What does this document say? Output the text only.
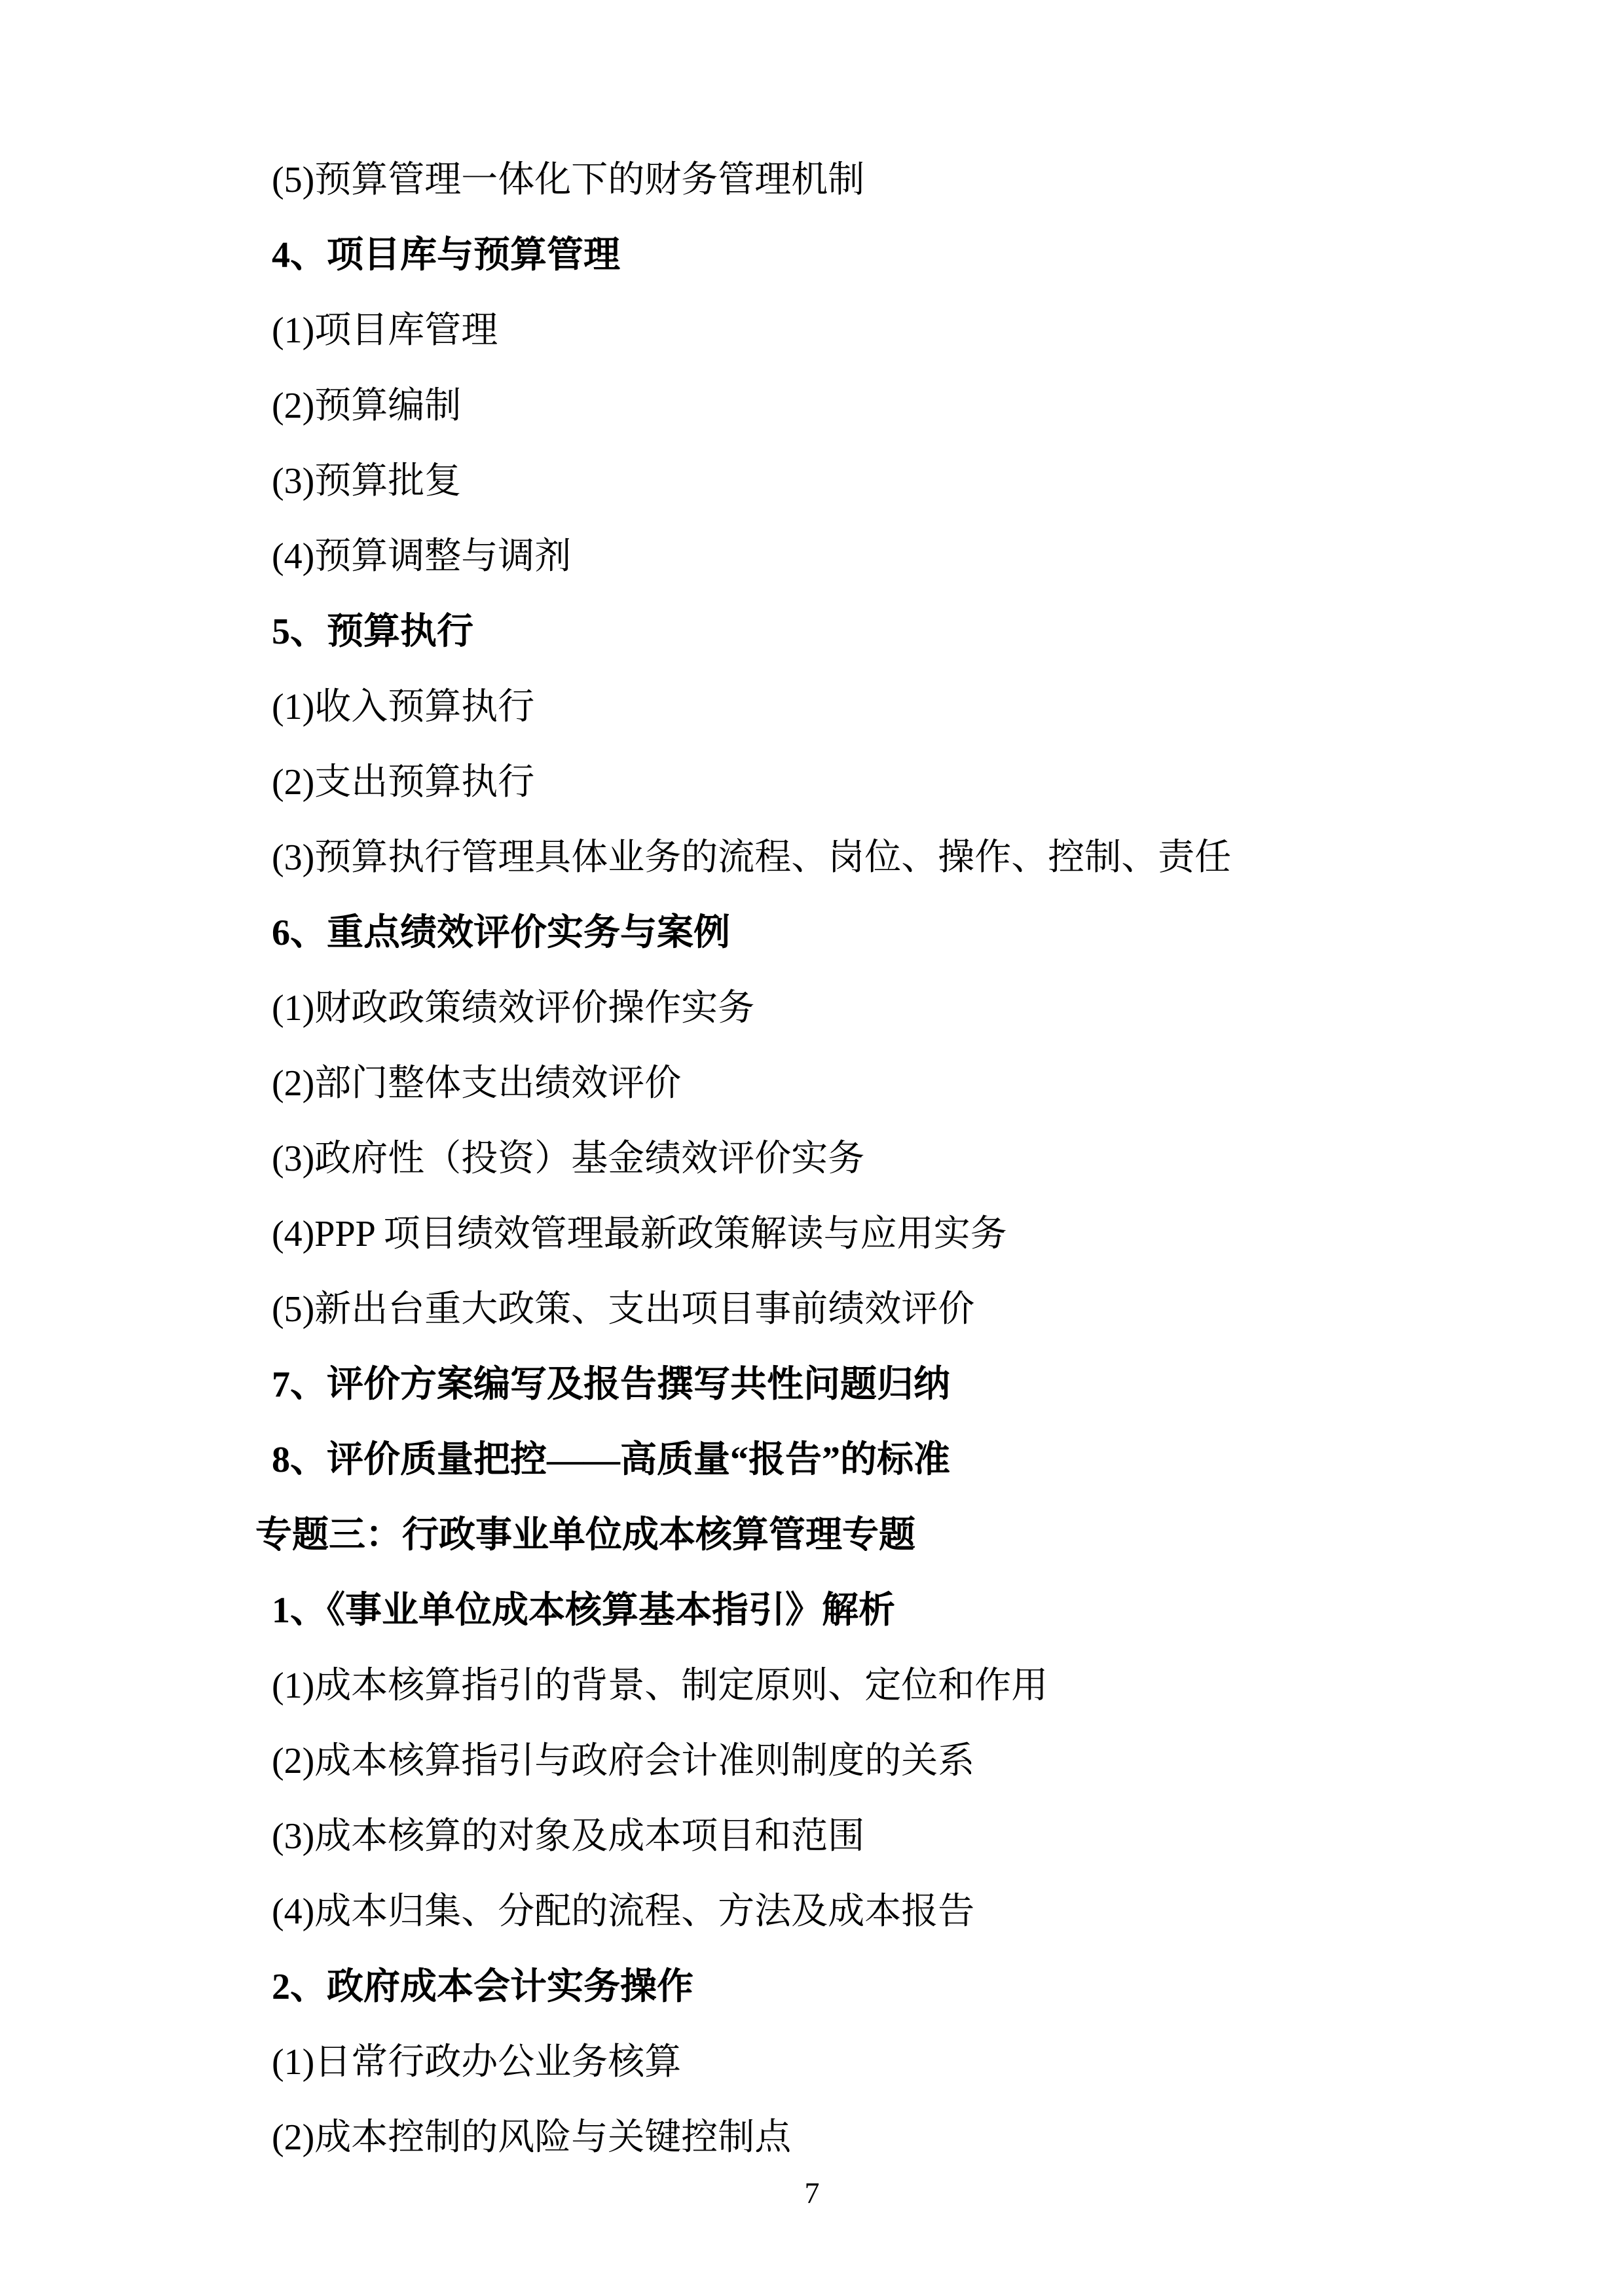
(5)预算管理一体化下的财务管理机制
4、项目库与预算管理
(1)项目库管理
(2)预算编制
(3)预算批复
(4)预算调整与调剂
5、预算执行
(1)收入预算执行
(2)支出预算执行
(3)预算执行管理具体业务的流程、岗位、操作、控制、责任
6、重点绩效评价实务与案例
(1)财政政策绩效评价操作实务
(2)部门整体支出绩效评价
(3)政府性（投资）基金绩效评价实务
(4)PPP 项目绩效管理最新政策解读与应用实务
(5)新出台重大政策、支出项目事前绩效评价
7、评价方案编写及报告撰写共性问题归纳
8、评价质量把控——高质量“报告”的标准
专题三：行政事业单位成本核算管理专题
1、《事业单位成本核算基本指引》解析
(1)成本核算指引的背景、制定原则、定位和作用
(2)成本核算指引与政府会计准则制度的关系
(3)成本核算的对象及成本项目和范围
(4)成本归集、分配的流程、方法及成本报告
2、政府成本会计实务操作
(1)日常行政办公业务核算
(2)成本控制的风险与关键控制点
7
